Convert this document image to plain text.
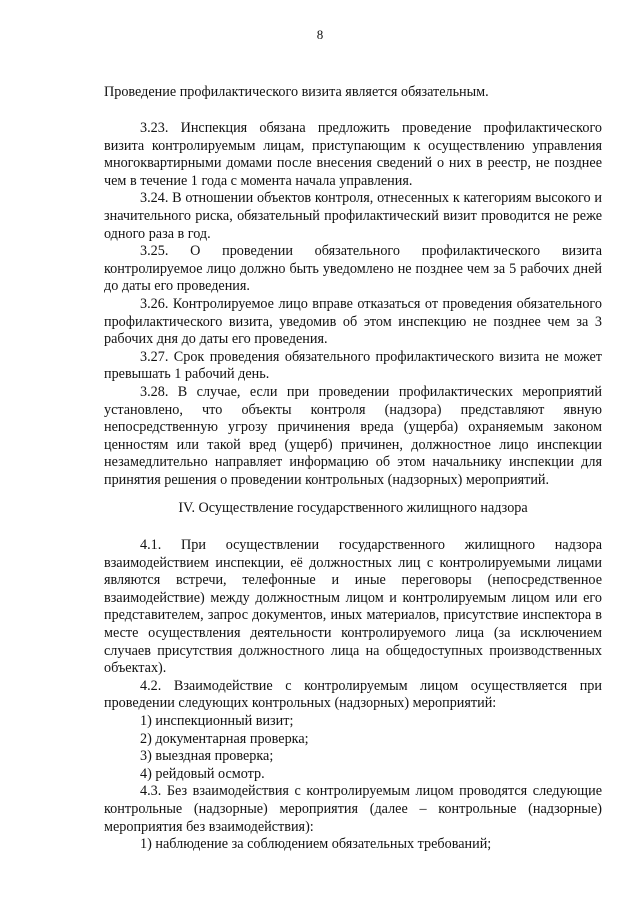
8

Проведение профилактического визита является обязательным.

3.23. Инспекция обязана предложить проведение профилактического визита контролируемым лицам, приступающим к осуществлению управления многоквартирными домами после внесения сведений о них в реестр, не позднее чем в течение 1 года с момента начала управления.

3.24. В отношении объектов контроля, отнесенных к категориям высокого и значительного риска, обязательный профилактический визит проводится не реже одного раза в год.

3.25. О проведении обязательного профилактического визита контролируемое лицо должно быть уведомлено не позднее чем за 5 рабочих дней до даты его проведения.

3.26. Контролируемое лицо вправе отказаться от проведения обязательного профилактического визита, уведомив об этом инспекцию не позднее чем за 3 рабочих дня до даты его проведения.

3.27. Срок проведения обязательного профилактического визита не может превышать 1 рабочий день.

3.28. В случае, если при проведении профилактических мероприятий установлено, что объекты контроля (надзора) представляют явную непосредственную угрозу причинения вреда (ущерба) охраняемым законом ценностям или такой вред (ущерб) причинен, должностное лицо инспекции незамедлительно направляет информацию об этом начальнику инспекции для принятия решения о проведении контрольных (надзорных) мероприятий.

IV. Осуществление государственного жилищного надзора

4.1. При осуществлении государственного жилищного надзора взаимодействием инспекции, её должностных лиц с контролируемыми лицами являются встречи, телефонные и иные переговоры (непосредственное взаимодействие) между должностным лицом и контролируемым лицом или его представителем, запрос документов, иных материалов, присутствие инспектора в месте осуществления деятельности контролируемого лица (за исключением случаев присутствия должностного лица на общедоступных производственных объектах).

4.2. Взаимодействие с контролируемым лицом осуществляется при проведении следующих контрольных (надзорных) мероприятий:

1) инспекционный визит;

2) документарная проверка;

3) выездная проверка;

4) рейдовый осмотр.

4.3. Без взаимодействия с контролируемым лицом проводятся следующие контрольные (надзорные) мероприятия (далее – контрольные (надзорные) мероприятия без взаимодействия):

1) наблюдение за соблюдением обязательных требований;
